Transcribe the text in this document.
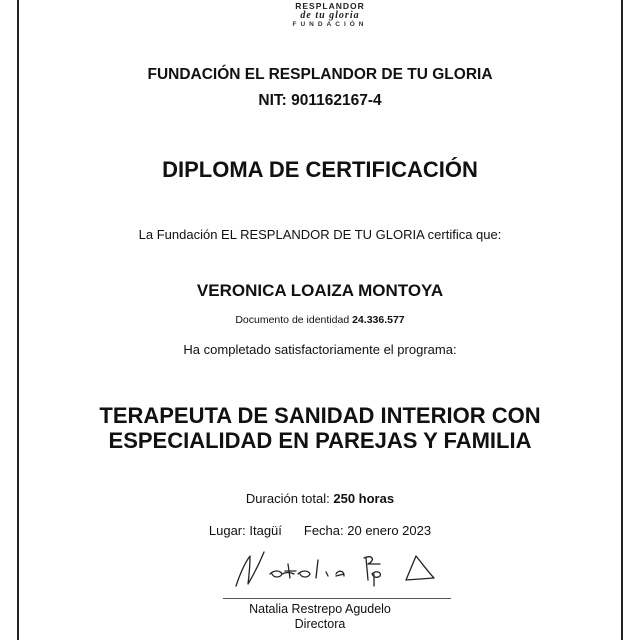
RESPLANDOR
de tu gloria
FUNDACIÓN
FUNDACIÓN EL RESPLANDOR DE TU GLORIA
NIT: 901162167-4
DIPLOMA DE CERTIFICACIÓN
La Fundación EL RESPLANDOR DE TU GLORIA certifica que:
VERONICA LOAIZA MONTOYA
Documento de identidad 24.336.577
Ha completado satisfactoriamente el programa:
TERAPEUTA DE SANIDAD INTERIOR CON
ESPECIALIDAD EN PAREJAS Y FAMILIA
Duración total: 250 horas
Lugar: Itagüí Fecha: 20 enero 2023
Natalia Restrepo Agudelo
Directora
